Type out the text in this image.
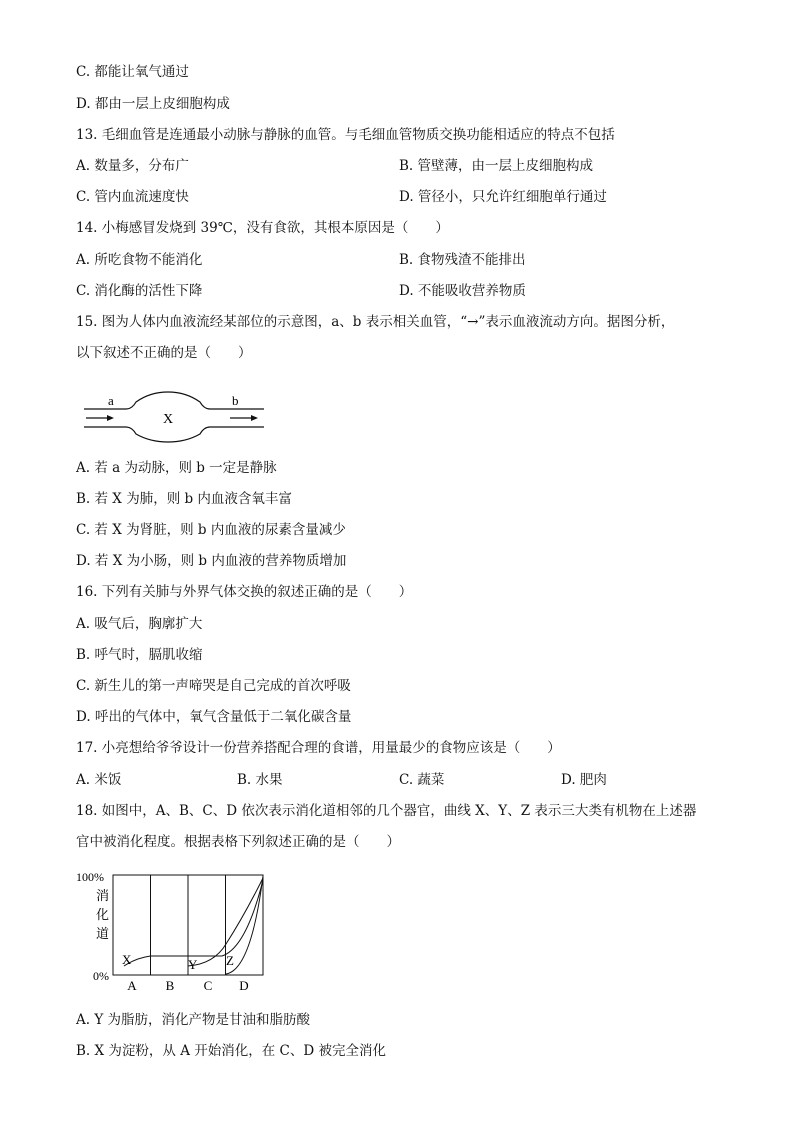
C. 都能让氧气通过
D. 都由一层上皮细胞构成
13. 毛细血管是连通最小动脉与静脉的血管。与毛细血管物质交换功能相适应的特点不包括
A. 数量多，分布广	B. 管壁薄，由一层上皮细胞构成
C. 管内血流速度快	D. 管径小，只允许红细胞单行通过
14. 小梅感冒发烧到 39℃，没有食欲，其根本原因是（　　）
A. 所吃食物不能消化	B. 食物残渣不能排出
C. 消化酶的活性下降	D. 不能吸收营养物质
15. 图为人体内血液流经某部位的示意图，a、b 表示相关血管，“→”表示血液流动方向。据图分析，
以下叙述不正确的是（　　）
a	b
X
A. 若 a 为动脉，则 b 一定是静脉
B. 若 X 为肺，则 b 内血液含氧丰富
C. 若 X 为肾脏，则 b 内血液的尿素含量减少
D. 若 X 为小肠，则 b 内血液的营养物质增加
16. 下列有关肺与外界气体交换的叙述正确的是（　　）
A. 吸气后，胸廓扩大
B. 呼气时，膈肌收缩
C. 新生儿的第一声啼哭是自己完成的首次呼吸
D. 呼出的气体中，氧气含量低于二氧化碳含量
17. 小亮想给爷爷设计一份营养搭配合理的食谱，用量最少的食物应该是（　　）
A. 米饭	B. 水果	C. 蔬菜	D. 肥肉
18. 如图中，A、B、C、D 依次表示消化道相邻的几个器官，曲线 X、Y、Z 表示三大类有机物在上述器
官中被消化程度。根据表格下列叙述正确的是（　　）
100%
消
化
道
0%
X	Y Z
A B C D
A. Y 为脂肪，消化产物是甘油和脂肪酸
B. X 为淀粉，从 A 开始消化，在 C、D 被完全消化
